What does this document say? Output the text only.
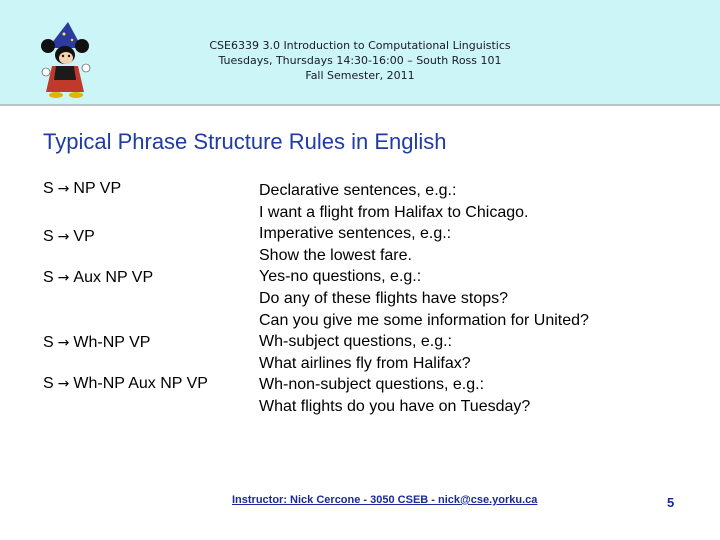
CSE6339 3.0 Introduction to Computational Linguistics
Tuesdays, Thursdays 14:30-16:00 – South Ross 101
Fall Semester, 2011
Typical Phrase Structure Rules in English
S → NP VP
S → VP
S → Aux NP VP
S → Wh-NP VP
S → Wh-NP Aux NP VP
Declarative sentences, e.g.:
I want a flight from Halifax to Chicago.
Imperative sentences, e.g.:
Show the lowest fare.
Yes-no questions, e.g.:
Do any of these flights have stops?
Can you give me some information for United?
Wh-subject questions, e.g.:
What airlines fly from Halifax?
Wh-non-subject questions, e.g.:
What flights do you have on Tuesday?
Instructor: Nick Cercone - 3050 CSEB - nick@cse.yorku.ca	5
